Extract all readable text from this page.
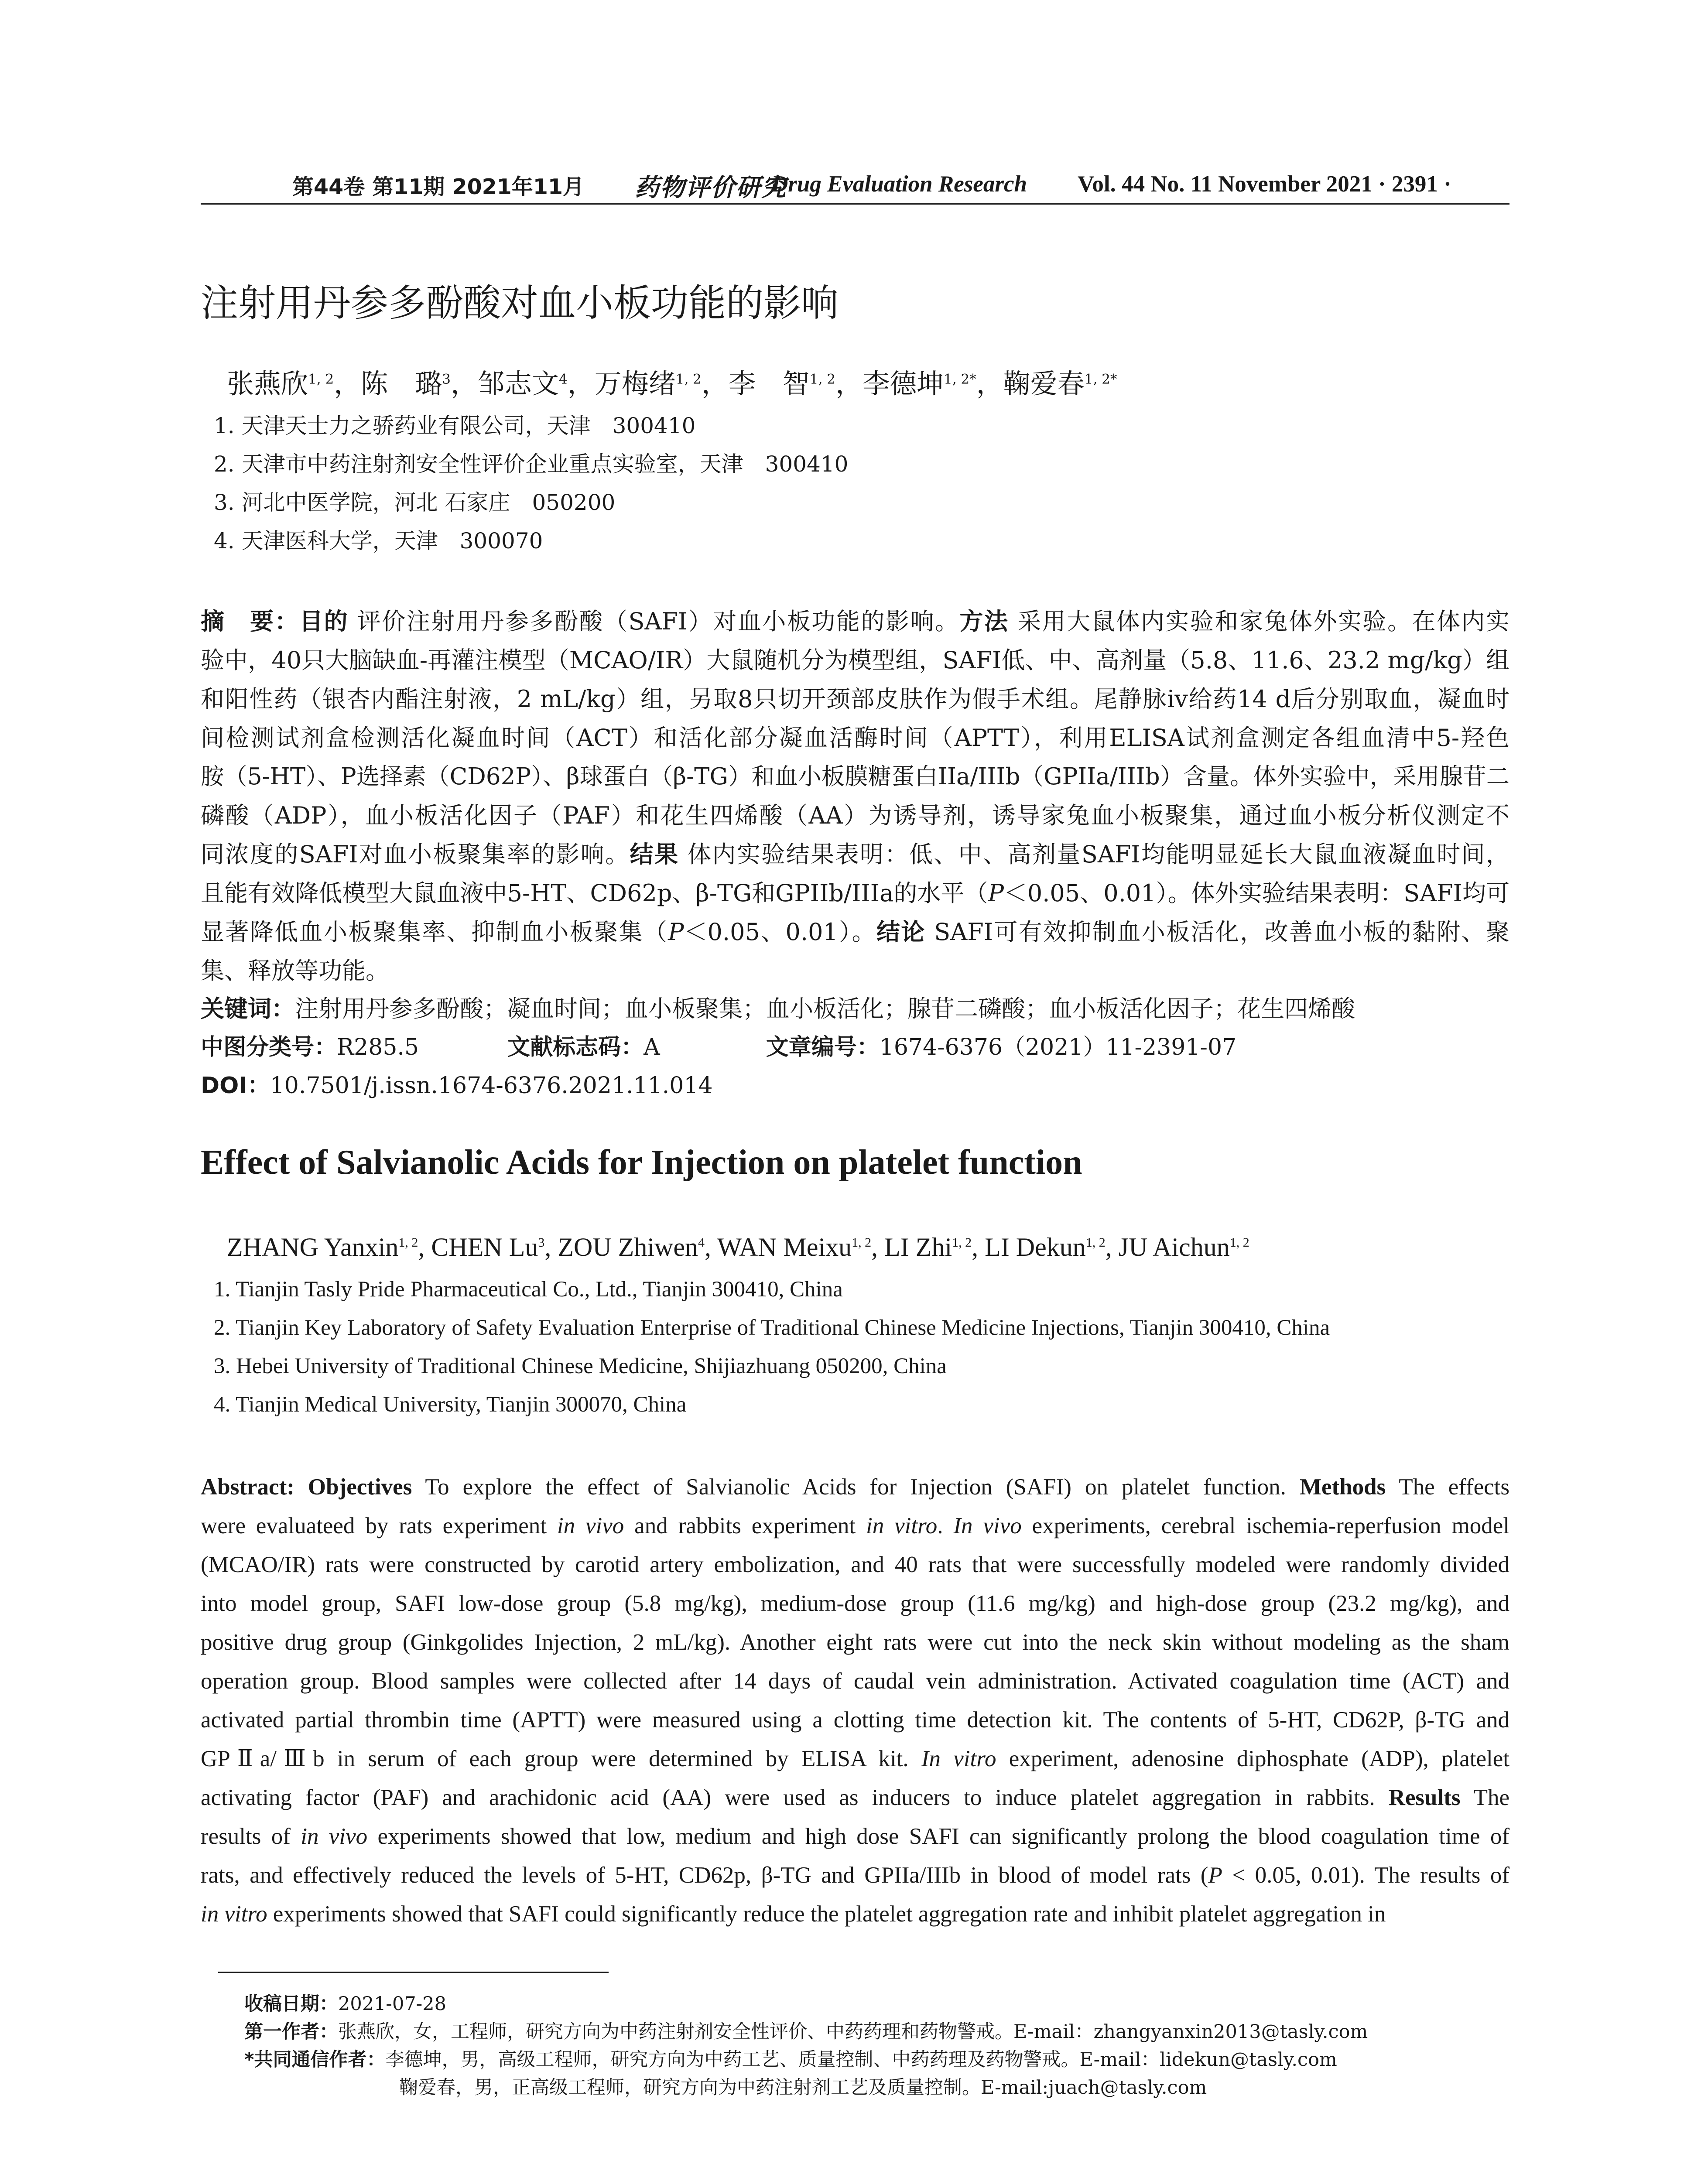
第44卷 第11期 2021年11月 药物评价研究
Drug Evaluation Research Vol. 44 No. 11 November 2021 · 2391 ·
注射用丹参多酚酸对血小板功能的影响
张燕欣$^{1, 2}$，陈　璐$^3$，邹志文$^4$，万梅绪$^{1, 2}$，李　智$^{1, 2}$，李德坤$^{1, 2*}$，鞠爱春$^{1, 2*}$
1. 天津天士力之骄药业有限公司，天津　300410
2. 天津市中药注射剂安全性评价企业重点实验室，天津　300410
3. 河北中医学院，河北 石家庄　050200
4. 天津医科大学，天津　300070
摘　要：目的 评价注射用丹参多酚酸（SAFI）对血小板功能的影响。方法 采用大鼠体内实验和家兔体外实验。在体内实
验中，40只大脑缺血-再灌注模型（MCAO/IR）大鼠随机分为模型组，SAFI低、中、高剂量（5.8、11.6、23.2 mg/kg）组
和阳性药（银杏内酯注射液，2 mL/kg）组，另取8只切开颈部皮肤作为假手术组。尾静脉iv给药14 d后分别取血，凝血时
间检测试剂盒检测活化凝血时间（ACT）和活化部分凝血活酶时间（APTT），利用ELISA试剂盒测定各组血清中5-羟色
胺（5-HT）、P选择素（CD62P）、β球蛋白（β-TG）和血小板膜糖蛋白IIa/IIIb（GPIIa/IIIb）含量。体外实验中，采用腺苷二
磷酸（ADP），血小板活化因子（PAF）和花生四烯酸（AA）为诱导剂，诱导家兔血小板聚集，通过血小板分析仪测定不
同浓度的SAFI对血小板聚集率的影响。结果 体内实验结果表明：低、中、高剂量SAFI均能明显延长大鼠血液凝血时间，
且能有效降低模型大鼠血液中5-HT、CD62p、β-TG和GPIIb/IIIa的水平（P＜0.05、0.01）。体外实验结果表明：SAFI均可
显著降低血小板聚集率、抑制血小板聚集（P＜0.05、0.01）。结论 SAFI可有效抑制血小板活化，改善血小板的黏附、聚
集、释放等功能。
关键词：注射用丹参多酚酸；凝血时间；血小板聚集；血小板活化；腺苷二磷酸；血小板活化因子；花生四烯酸
中图分类号：R285.5	文献标志码：A	文章编号：1674-6376（2021）11-2391-07
DOI：10.7501/j.issn.1674-6376.2021.11.014
Effect of Salvianolic Acids for Injection on platelet function
ZHANG Yanxin$^{1, 2}$, CHEN Lu$^3$, ZOU Zhiwen$^4$, WAN Meixu$^{1, 2}$, LI Zhi$^{1, 2}$, LI Dekun$^{1, 2}$, JU Aichun$^{1, 2}$
1. Tianjin Tasly Pride Pharmaceutical Co., Ltd., Tianjin 300410, China
2. Tianjin Key Laboratory of Safety Evaluation Enterprise of Traditional Chinese Medicine Injections, Tianjin 300410, China
3. Hebei University of Traditional Chinese Medicine, Shijiazhuang 050200, China
4. Tianjin Medical University, Tianjin 300070, China
Abstract: Objectives To explore the effect of Salvianolic Acids for Injection (SAFI) on platelet function. Methods The effects
were evaluateed by rats experiment in vivo and rabbits experiment in vitro. In vivo experiments, cerebral ischemia-reperfusion model
(MCAO/IR) rats were constructed by carotid artery embolization, and 40 rats that were successfully modeled were randomly divided
into model group, SAFI low-dose group (5.8 mg/kg), medium-dose group (11.6 mg/kg) and high-dose group (23.2 mg/kg), and
positive drug group (Ginkgolides Injection, 2 mL/kg). Another eight rats were cut into the neck skin without modeling as the sham
operation group. Blood samples were collected after 14 days of caudal vein administration. Activated coagulation time (ACT) and
activated partial thrombin time (APTT) were measured using a clotting time detection kit. The contents of 5-HT, CD62P, β-TG and
GPⅡa/Ⅲb in serum of each group were determined by ELISA kit. In vitro experiment, adenosine diphosphate (ADP), platelet
activating factor (PAF) and arachidonic acid (AA) were used as inducers to induce platelet aggregation in rabbits. Results The
results of in vivo experiments showed that low, medium and high dose SAFI can significantly prolong the blood coagulation time of
rats, and effectively reduced the levels of 5-HT, CD62p, β-TG and GPIIa/IIIb in blood of model rats (P < 0.05, 0.01). The results of
in vitro experiments showed that SAFI could significantly reduce the platelet aggregation rate and inhibit platelet aggregation in
收稿日期：2021-07-28
第一作者：张燕欣，女，工程师，研究方向为中药注射剂安全性评价、中药药理和药物警戒。E-mail：zhangyanxin2013@tasly.com
*共同通信作者：李德坤，男，高级工程师，研究方向为中药工艺、质量控制、中药药理及药物警戒。E-mail：lidekun@tasly.com
鞠爱春，男，正高级工程师，研究方向为中药注射剂工艺及质量控制。E-mail:juach@tasly.com
